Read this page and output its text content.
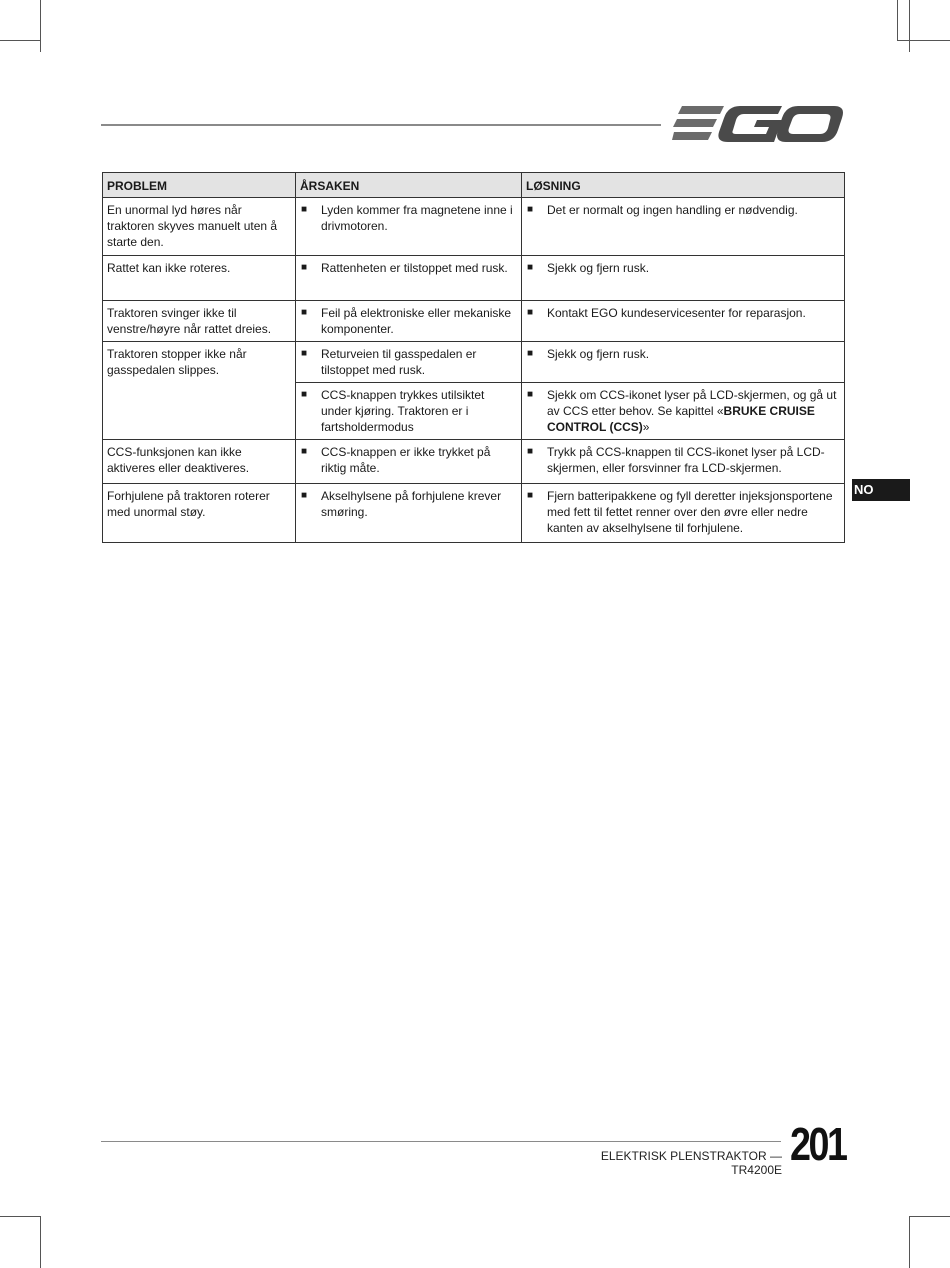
PROBLEM	ÅRSAKEN	LØSNING
En unormal lyd høres når traktoren skyves manuelt uten å starte den.	■ Lyden kommer fra magnetene inne i drivmotoren.	■ Det er normalt og ingen handling er nødvendig.

Rattet kan ikke roteres.	■ Rattenheten er tilstoppet med rusk.	■ Sjekk og fjern rusk.

Traktoren svinger ikke til venstre/høyre når rattet dreies.	■ Feil på elektroniske eller mekaniske komponenter.	■ Kontakt EGO kundeservicesenter for reparasjon.

Traktoren stopper ikke når gasspedalen slippes.	■ Returveien til gasspedalen er tilstoppet med rusk.	■ Sjekk og fjern rusk.

	■ CCS-knappen trykkes utilsiktet under kjøring. Traktoren er i fartsholdermodus	■ Sjekk om CCS-ikonet lyser på LCD-skjermen, og gå ut av CCS etter behov. Se kapittel «BRUKE CRUISE CONTROL (CCS)»

CCS-funksjonen kan ikke aktiveres eller deaktiveres.	■ CCS-knappen er ikke trykket på riktig måte.	■ Trykk på CCS-knappen til CCS-ikonet lyser på LCD-skjermen, eller forsvinner fra LCD-skjermen.

Forhjulene på traktoren roterer med unormal støy.	■ Akselhylsene på forhjulene krever smøring.	■ Fjern batteripakkene og fyll deretter injeksjonsportene med fett til fettet renner over den øvre eller nedre kanten av akselhylsene til forhjulene.
NO
ELEKTRISK PLENSTRAKTOR — TR4200E 201
